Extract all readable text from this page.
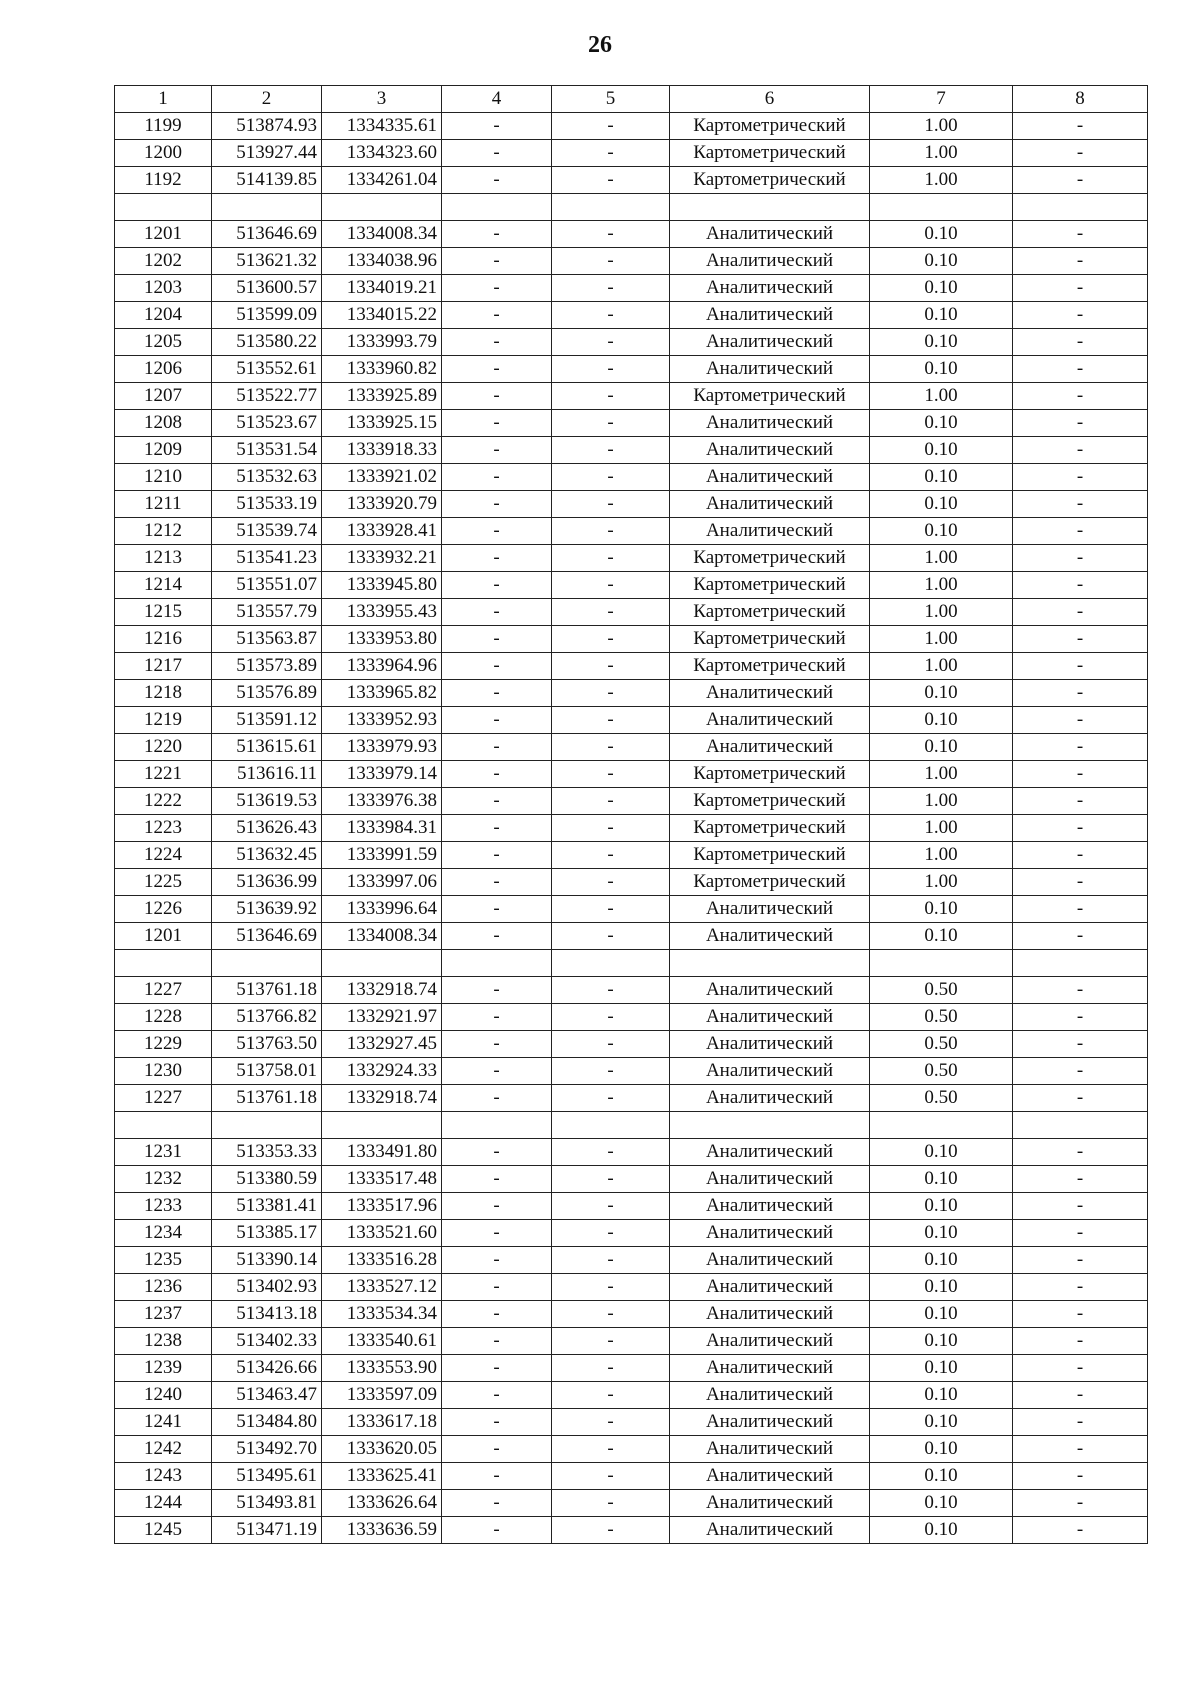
26
1	2	3	4	5	6	7	8
1199	513874.93	1334335.61	-	-	Картометрический	1.00	-
1200	513927.44	1334323.60	-	-	Картометрический	1.00	-
1192	514139.85	1334261.04	-	-	Картометрический	1.00	-

1201	513646.69	1334008.34	-	-	Аналитический	0.10	-
1202	513621.32	1334038.96	-	-	Аналитический	0.10	-
1203	513600.57	1334019.21	-	-	Аналитический	0.10	-
1204	513599.09	1334015.22	-	-	Аналитический	0.10	-
1205	513580.22	1333993.79	-	-	Аналитический	0.10	-
1206	513552.61	1333960.82	-	-	Аналитический	0.10	-
1207	513522.77	1333925.89	-	-	Картометрический	1.00	-
1208	513523.67	1333925.15	-	-	Аналитический	0.10	-
1209	513531.54	1333918.33	-	-	Аналитический	0.10	-
1210	513532.63	1333921.02	-	-	Аналитический	0.10	-
1211	513533.19	1333920.79	-	-	Аналитический	0.10	-
1212	513539.74	1333928.41	-	-	Аналитический	0.10	-
1213	513541.23	1333932.21	-	-	Картометрический	1.00	-
1214	513551.07	1333945.80	-	-	Картометрический	1.00	-
1215	513557.79	1333955.43	-	-	Картометрический	1.00	-
1216	513563.87	1333953.80	-	-	Картометрический	1.00	-
1217	513573.89	1333964.96	-	-	Картометрический	1.00	-
1218	513576.89	1333965.82	-	-	Аналитический	0.10	-
1219	513591.12	1333952.93	-	-	Аналитический	0.10	-
1220	513615.61	1333979.93	-	-	Аналитический	0.10	-
1221	513616.11	1333979.14	-	-	Картометрический	1.00	-
1222	513619.53	1333976.38	-	-	Картометрический	1.00	-
1223	513626.43	1333984.31	-	-	Картометрический	1.00	-
1224	513632.45	1333991.59	-	-	Картометрический	1.00	-
1225	513636.99	1333997.06	-	-	Картометрический	1.00	-
1226	513639.92	1333996.64	-	-	Аналитический	0.10	-
1201	513646.69	1334008.34	-	-	Аналитический	0.10	-

1227	513761.18	1332918.74	-	-	Аналитический	0.50	-
1228	513766.82	1332921.97	-	-	Аналитический	0.50	-
1229	513763.50	1332927.45	-	-	Аналитический	0.50	-
1230	513758.01	1332924.33	-	-	Аналитический	0.50	-
1227	513761.18	1332918.74	-	-	Аналитический	0.50	-

1231	513353.33	1333491.80	-	-	Аналитический	0.10	-
1232	513380.59	1333517.48	-	-	Аналитический	0.10	-
1233	513381.41	1333517.96	-	-	Аналитический	0.10	-
1234	513385.17	1333521.60	-	-	Аналитический	0.10	-
1235	513390.14	1333516.28	-	-	Аналитический	0.10	-
1236	513402.93	1333527.12	-	-	Аналитический	0.10	-
1237	513413.18	1333534.34	-	-	Аналитический	0.10	-
1238	513402.33	1333540.61	-	-	Аналитический	0.10	-
1239	513426.66	1333553.90	-	-	Аналитический	0.10	-
1240	513463.47	1333597.09	-	-	Аналитический	0.10	-
1241	513484.80	1333617.18	-	-	Аналитический	0.10	-
1242	513492.70	1333620.05	-	-	Аналитический	0.10	-
1243	513495.61	1333625.41	-	-	Аналитический	0.10	-
1244	513493.81	1333626.64	-	-	Аналитический	0.10	-
1245	513471.19	1333636.59	-	-	Аналитический	0.10	-
